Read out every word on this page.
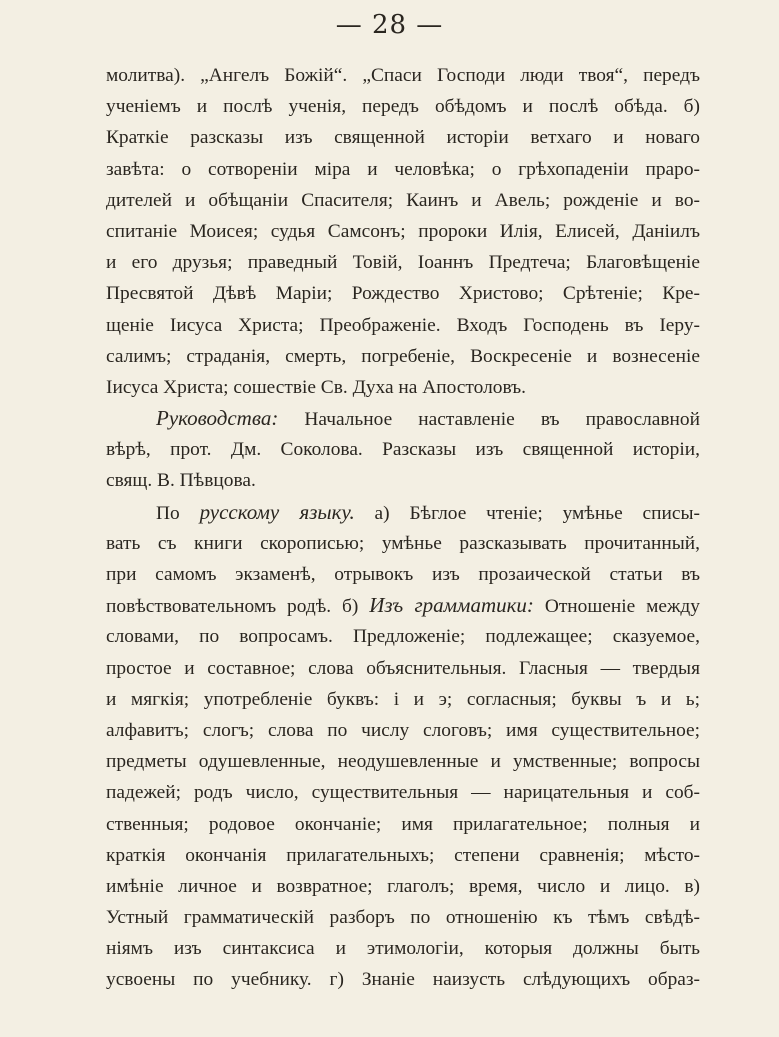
— 28 —
молитва). „Ангелъ Божій“. „Спаси Господи люди твоя“, передъ
ученіемъ и послѣ ученія, передъ обѣдомъ и послѣ обѣда. б)
Краткіе разсказы изъ священной исторіи ветхаго и новаго
завѣта: о сотвореніи міра и человѣка; о грѣхопаденіи праро-
дителей и обѣщаніи Спасителя; Каинъ и Авель; рожденіе и во-
спитаніе Моисея; судья Самсонъ; пророки Илія, Елисей, Даніилъ
и его друзья; праведный Товій, Іоаннъ Предтеча; Благовѣщеніе
Пресвятой Дѣвѣ Маріи; Рождество Христово; Срѣтеніе; Кре-
щеніе Іисуса Христа; Преображеніе. Входъ Господень въ Іеру-
салимъ; страданія, смерть, погребеніе, Воскресеніе и вознесеніе
Іисуса Христа; сошествіе Св. Духа на Апостоловъ.
Руководства: Начальное наставленіе въ православной
вѣрѣ, прот. Дм. Соколова. Разсказы изъ священной исторіи,
свящ. В. Пѣвцова.
По русскому языку. а) Бѣглое чтеніе; умѣнье списы-
вать съ книги скорописью; умѣнье разсказывать прочитанный,
при самомъ экзаменѣ, отрывокъ изъ прозаической статьи въ
повѣствовательномъ родѣ. б) Изъ грамматики: Отношеніе между
словами, по вопросамъ. Предложеніе; подлежащее; сказуемое,
простое и составное; слова объяснительныя. Гласныя — твердыя
и мягкія; употребленіе буквъ: і и э; согласныя; буквы ъ и ь;
алфавитъ; слогъ; слова по числу слоговъ; имя существительное;
предметы одушевленные, неодушевленные и умственные; вопросы
падежей; родъ число, существительныя — нарицательныя и соб-
ственныя; родовое окончаніе; имя прилагательное; полныя и
краткія окончанія прилагательныхъ; степени сравненія; мѣсто-
имѣніе личное и возвратное; глаголъ; время, число и лицо. в)
Устный грамматическій разборъ по отношенію къ тѣмъ свѣдѣ-
ніямъ изъ синтаксиса и этимологіи, которыя должны быть
усвоены по учебнику. г) Знаніе наизусть слѣдующихъ образ-
